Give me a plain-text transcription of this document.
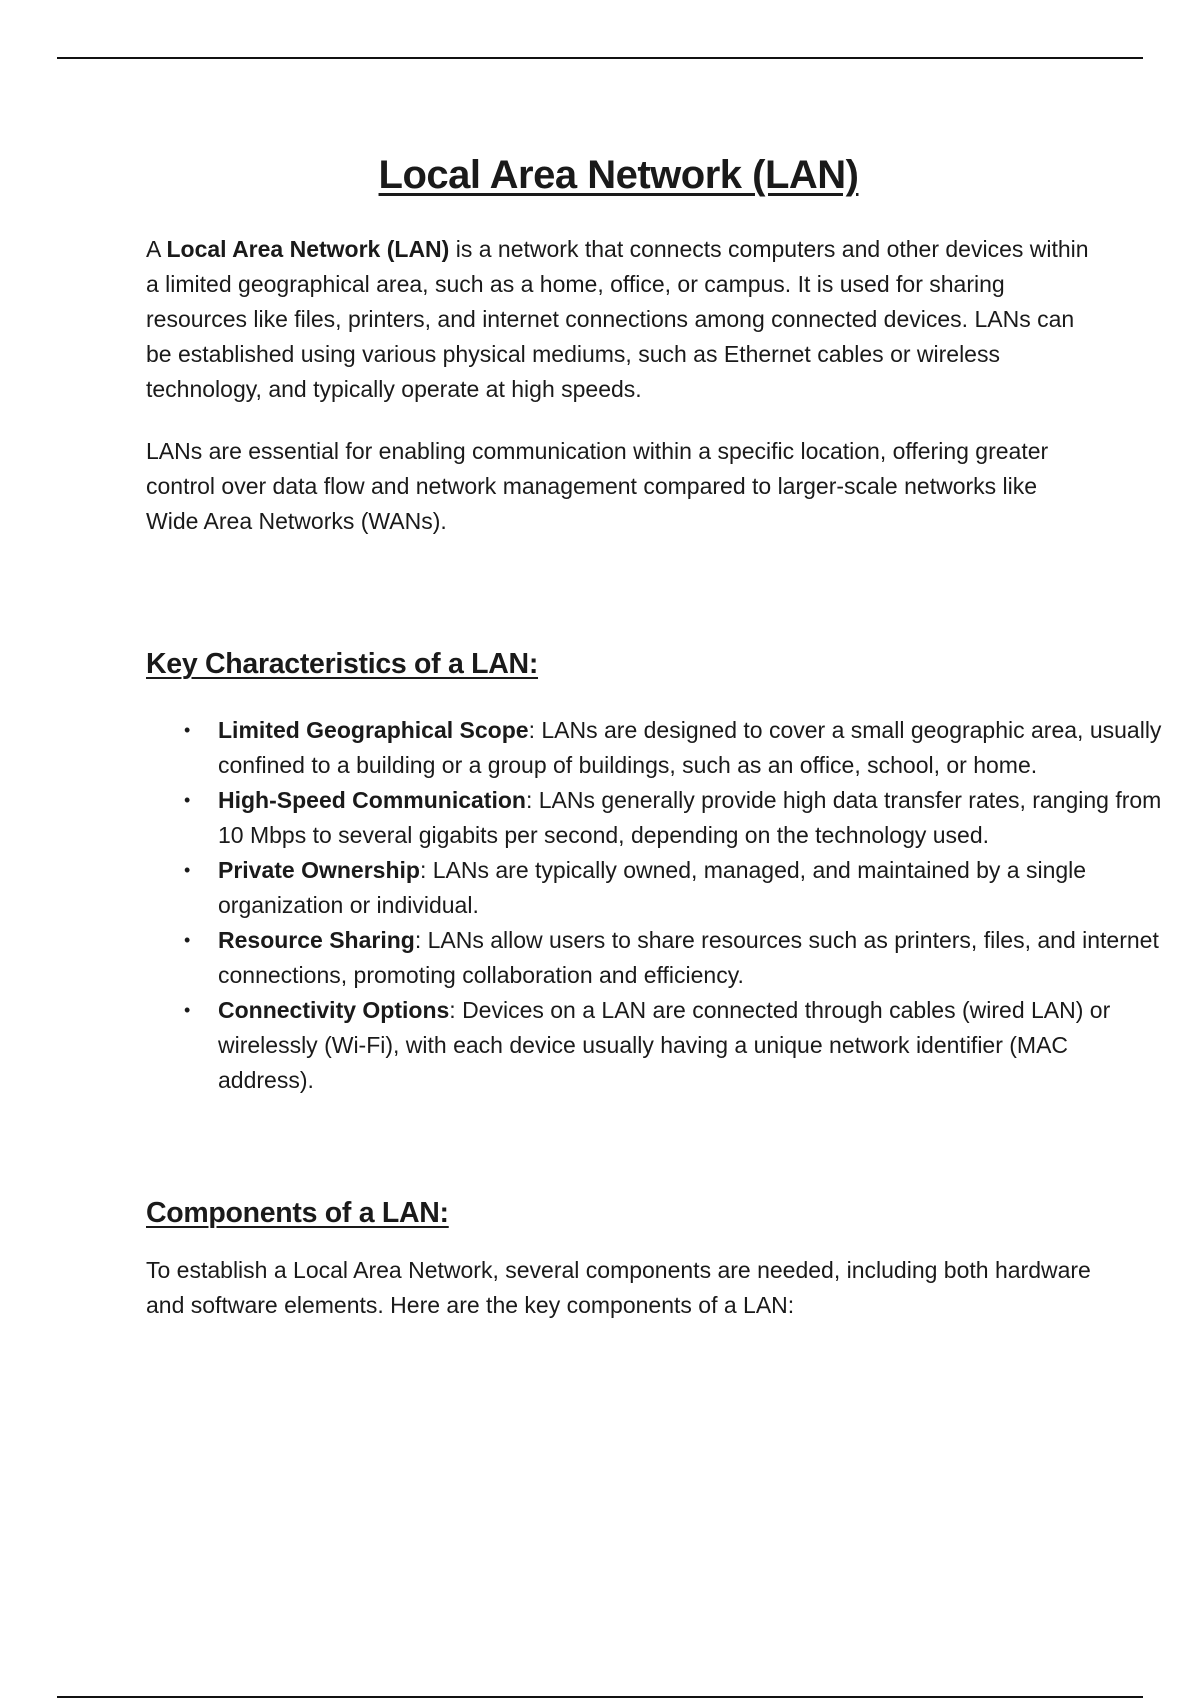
Local Area Network (LAN)

A Local Area Network (LAN) is a network that connects computers and other devices within a limited geographical area, such as a home, office, or campus. It is used for sharing resources like files, printers, and internet connections among connected devices. LANs can be established using various physical mediums, such as Ethernet cables or wireless technology, and typically operate at high speeds.

LANs are essential for enabling communication within a specific location, offering greater control over data flow and network management compared to larger-scale networks like Wide Area Networks (WANs).

Key Characteristics of a LAN:
• Limited Geographical Scope: LANs are designed to cover a small geographic area, usually confined to a building or a group of buildings, such as an office, school, or home.
• High-Speed Communication: LANs generally provide high data transfer rates, ranging from 10 Mbps to several gigabits per second, depending on the technology used.
• Private Ownership: LANs are typically owned, managed, and maintained by a single organization or individual.
• Resource Sharing: LANs allow users to share resources such as printers, files, and internet connections, promoting collaboration and efficiency.
• Connectivity Options: Devices on a LAN are connected through cables (wired LAN) or wirelessly (Wi-Fi), with each device usually having a unique network identifier (MAC address).
Components of a LAN:

To establish a Local Area Network, several components are needed, including both hardware and software elements. Here are the key components of a LAN:
